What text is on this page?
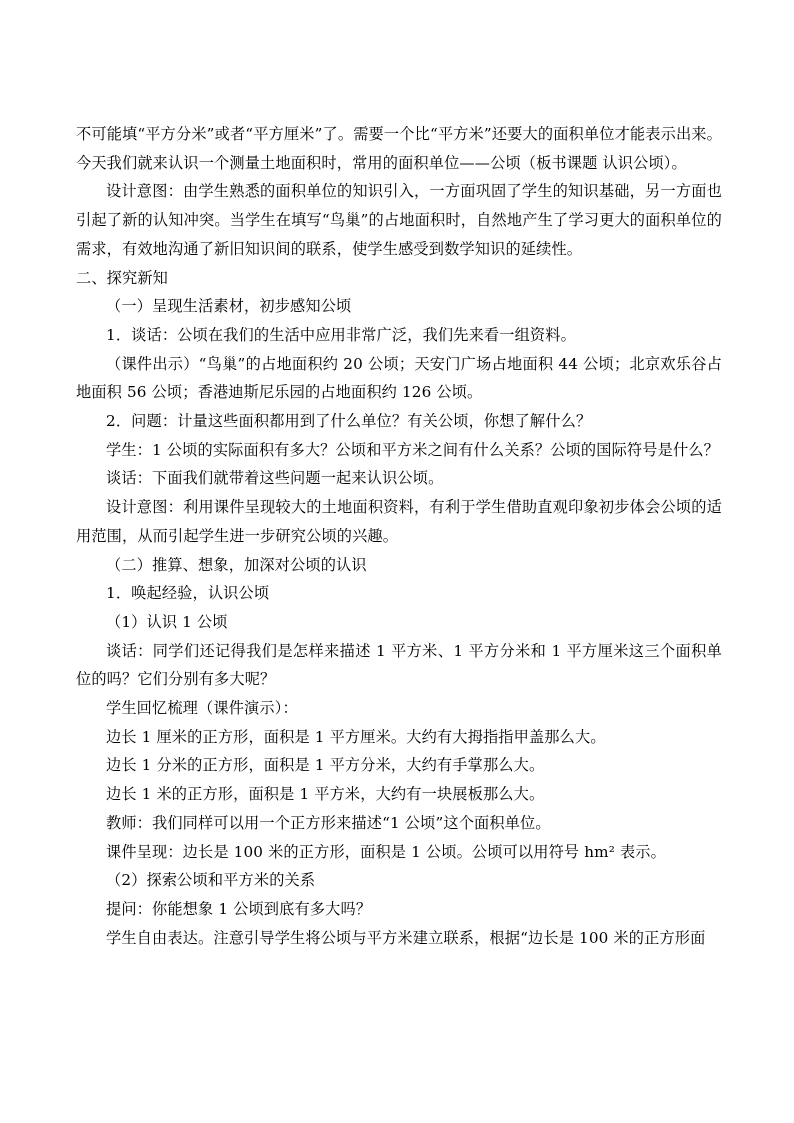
不可能填“平方分米”或者“平方厘米”了。需要一个比“平方米”还要大的面积单位才能表示出来。今天我们就来认识一个测量土地面积时，常用的面积单位——公顷（板书课题 认识公顷）。

设计意图：由学生熟悉的面积单位的知识引入，一方面巩固了学生的知识基础，另一方面也引起了新的认知冲突。当学生在填写“鸟巢”的占地面积时，自然地产生了学习更大的面积单位的需求，有效地沟通了新旧知识间的联系，使学生感受到数学知识的延续性。

二、探究新知

（一）呈现生活素材，初步感知公顷

1．谈话：公顷在我们的生活中应用非常广泛，我们先来看一组资料。

（课件出示）“鸟巢”的占地面积约 20 公顷；天安门广场占地面积 44 公顷；北京欢乐谷占地面积 56 公顷；香港迪斯尼乐园的占地面积约 126 公顷。

2．问题：计量这些面积都用到了什么单位？有关公顷，你想了解什么？

学生：1 公顷的实际面积有多大？公顷和平方米之间有什么关系？公顷的国际符号是什么？

谈话：下面我们就带着这些问题一起来认识公顷。

设计意图：利用课件呈现较大的土地面积资料，有利于学生借助直观印象初步体会公顷的适用范围，从而引起学生进一步研究公顷的兴趣。

（二）推算、想象，加深对公顷的认识

1．唤起经验，认识公顷

（1）认识 1 公顷

谈话：同学们还记得我们是怎样来描述 1 平方米、1 平方分米和 1 平方厘米这三个面积单位的吗？它们分别有多大呢？

学生回忆梳理（课件演示）：

边长 1 厘米的正方形，面积是 1 平方厘米。大约有大拇指指甲盖那么大。

边长 1 分米的正方形，面积是 1 平方分米，大约有手掌那么大。

边长 1 米的正方形，面积是 1 平方米，大约有一块展板那么大。

教师：我们同样可以用一个正方形来描述“1 公顷”这个面积单位。

课件呈现：边长是 100 米的正方形，面积是 1 公顷。公顷可以用符号 hm² 表示。

（2）探索公顷和平方米的关系

提问：你能想象 1 公顷到底有多大吗？

学生自由表达。注意引导学生将公顷与平方米建立联系，根据“边长是 100 米的正方形面
